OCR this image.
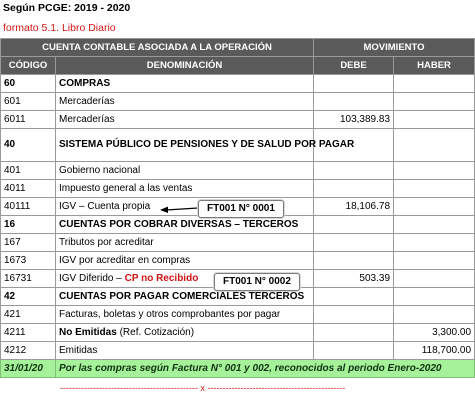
Según PCGE: 2019 - 2020
formato 5.1. Libro Diario
CUENTA CONTABLE ASOCIADA A LA OPERACIÓN		MOVIMIENTO	
CÓDIGO	DENOMINACIÓN	DEBE	HABER
60	COMPRAS		
601	Mercaderías		
6011	Mercaderías	103,389.83	
40	SISTEMA PÚBLICO DE PENSIONES Y DE SALUD POR PAGAR		
401	Gobierno nacional		
4011	Impuesto general a las ventas		
40111	IGV – Cuenta propia	18,106.78	
16	CUENTAS POR COBRAR DIVERSAS – TERCEROS		
167	Tributos por acreditar		
1673	IGV por acreditar en compras		
16731	IGV Diferido – CP no Recibido	503.39	
42	CUENTAS POR PAGAR COMERCIALES TERCEROS		
421	Facturas, boletas y otros comprobantes por pagar		
4211	No Emitidas (Ref. Cotización)		3,300.00
4212	Emitidas		118,700.00
31/01/20	Por las compras según Factura N° 001 y 002, reconocidos al periodo Enero-2020		
FT001 N° 0001
FT001 N° 0002
---------------------------------------------- x ----------------------------------------------
